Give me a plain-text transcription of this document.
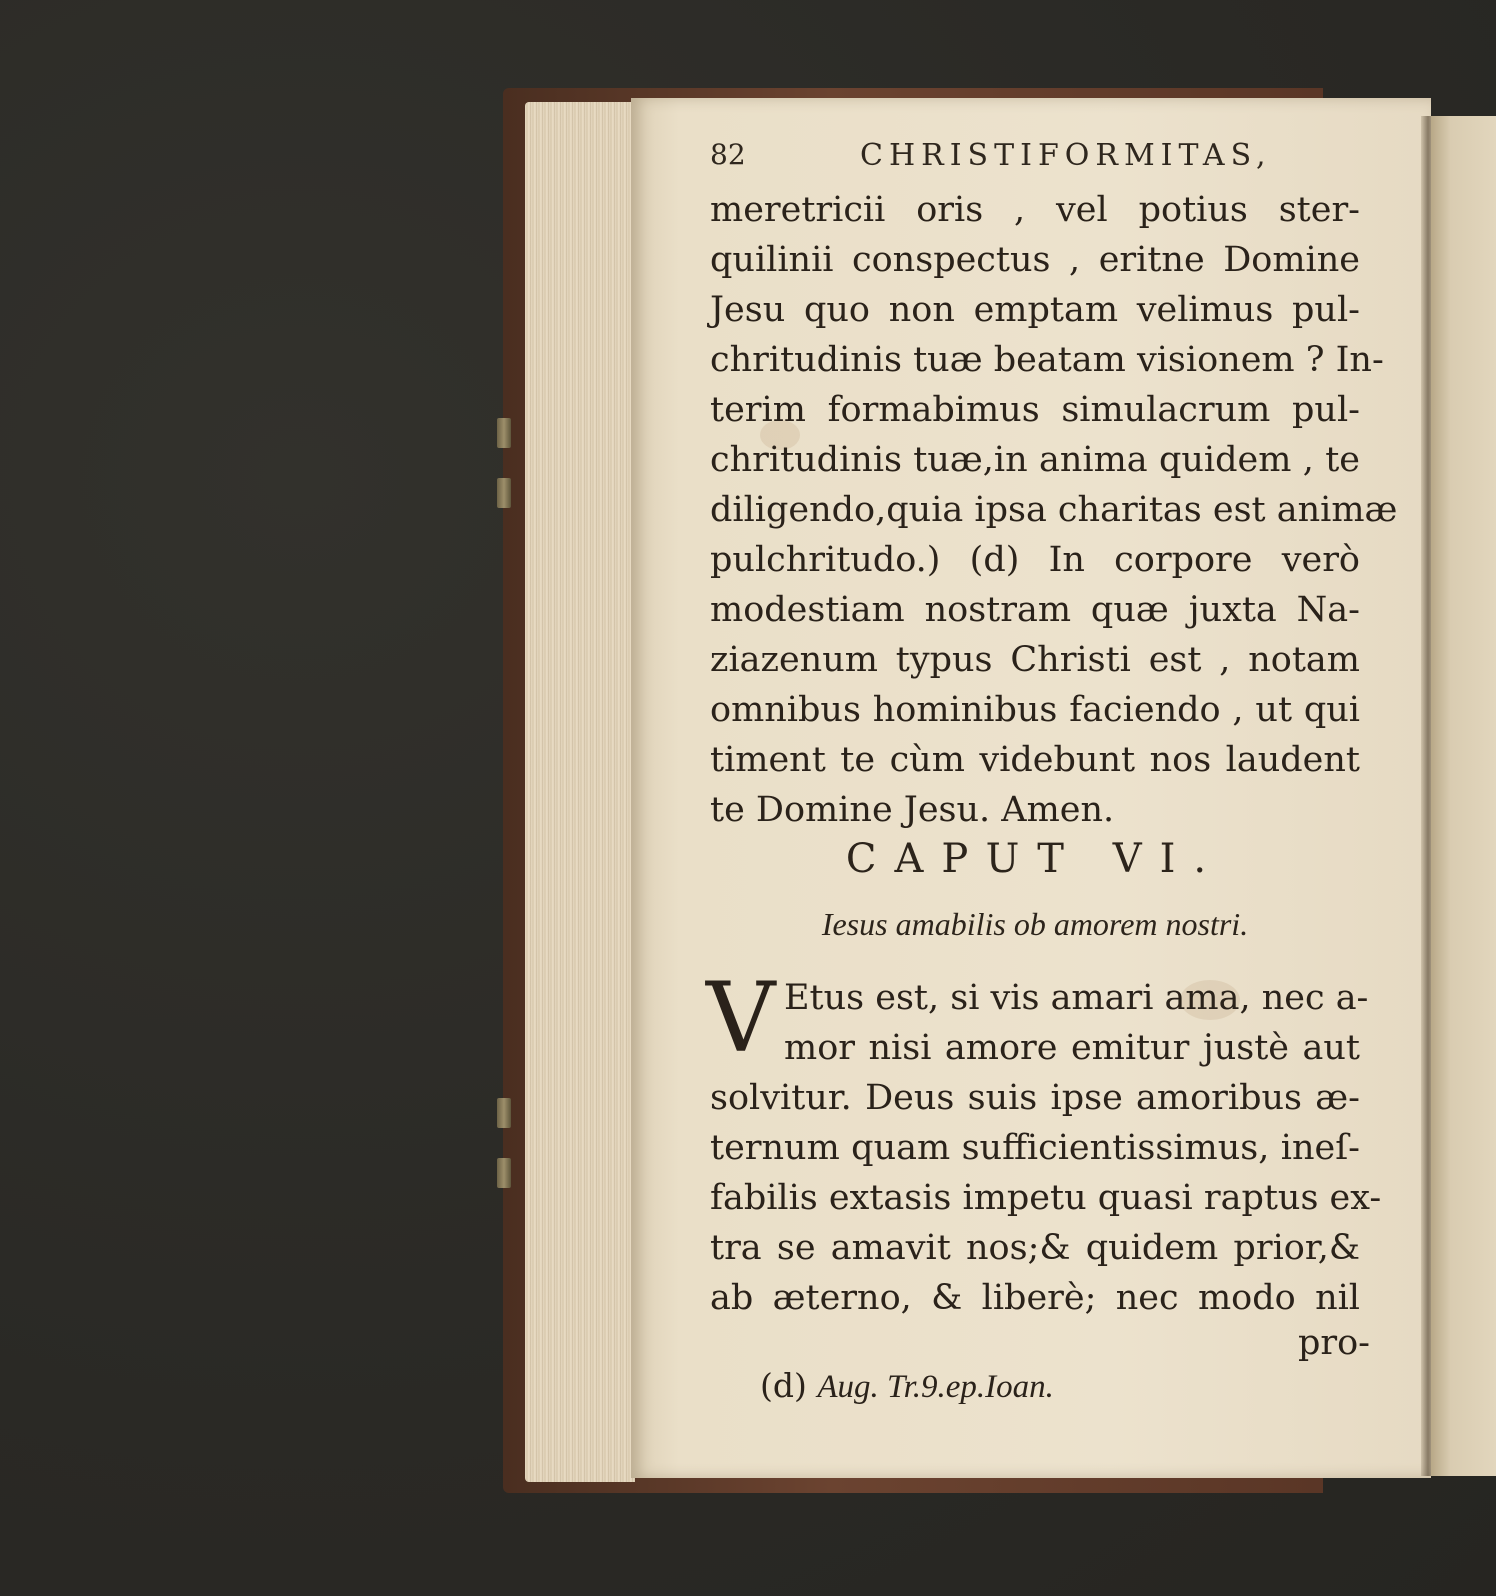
82	CHRISTIFORMITAS,
meretricii oris , vel potius ster-
quilinii conspectus , eritne Domine
Jesu quo non emptam velimus pul-
chritudinis tuæ beatam visionem ? In-
terim formabimus simulacrum pul-
chritudinis tuæ,in anima quidem , te
diligendo,quia ipsa charitas est animæ
pulchritudo.) (d) In corpore verò
modestiam nostram quæ juxta Na-
ziazenum typus Christi est , notam
omnibus hominibus faciendo , ut qui
timent te cùm videbunt nos laudent
te Domine Jesu. Amen.
CAPUT VI.
Iesus amabilis ob amorem nostri.
V Etus est, si vis amari ama, nec a-
mor nisi amore emitur justè aut
solvitur. Deus suis ipse amoribus æ-
ternum quam sufficientissimus, ineſ-
fabilis extasis impetu quasi raptus ex-
tra se amavit nos;& quidem prior,&
ab æterno, & liberè; nec modo nil
pro-
(d) Aug. Tr.9.ep.Ioan.
